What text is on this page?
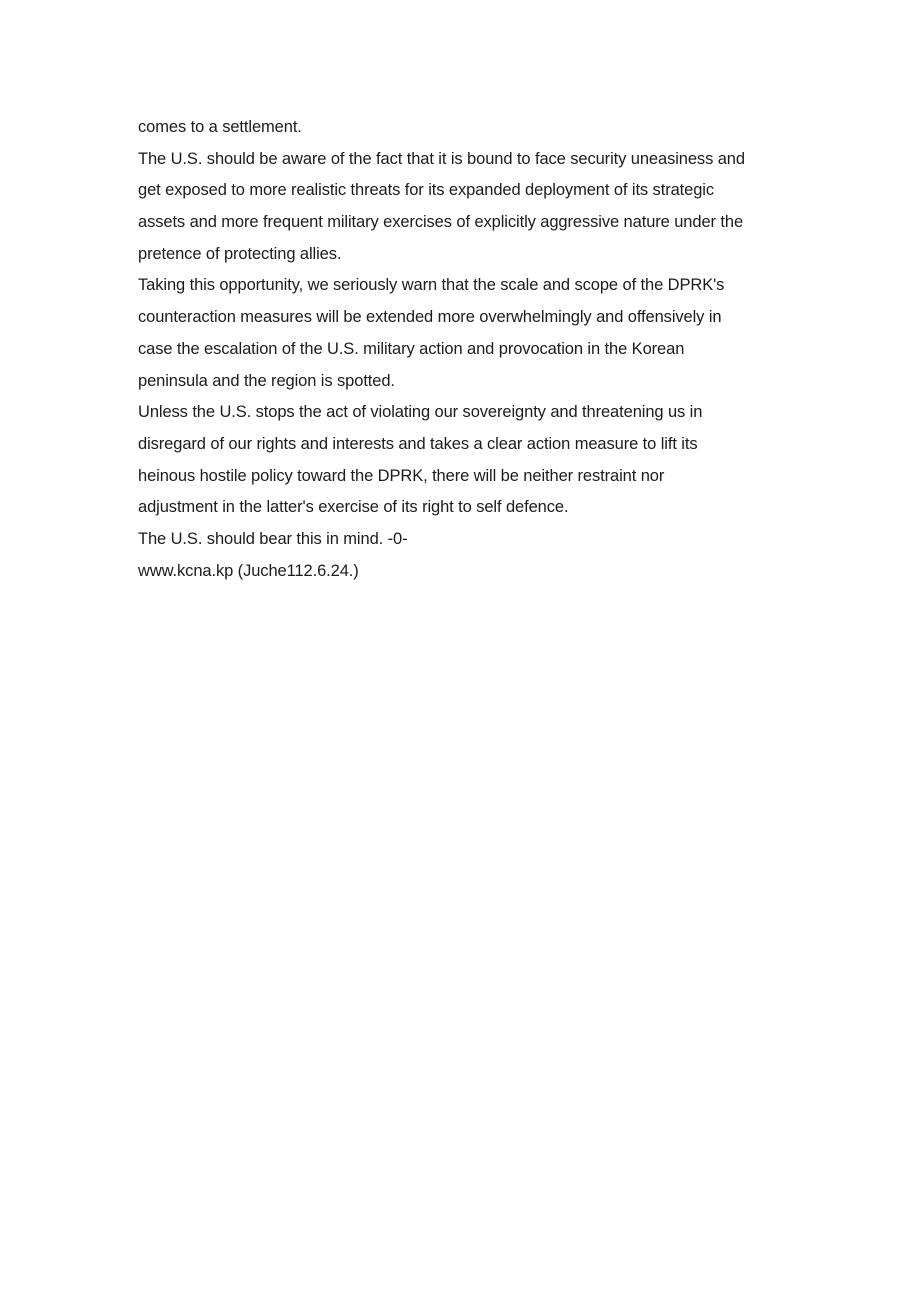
comes to a settlement.
The U.S. should be aware of the fact that it is bound to face security uneasiness and
get exposed to more realistic threats for its expanded deployment of its strategic
assets and more frequent military exercises of explicitly aggressive nature under the
pretence of protecting allies.
Taking this opportunity, we seriously warn that the scale and scope of the DPRK's
counteraction measures will be extended more overwhelmingly and offensively in
case the escalation of the U.S. military action and provocation in the Korean
peninsula and the region is spotted.
Unless the U.S. stops the act of violating our sovereignty and threatening us in
disregard of our rights and interests and takes a clear action measure to lift its
heinous hostile policy toward the DPRK, there will be neither restraint nor
adjustment in the latter's exercise of its right to self defence.
The U.S. should bear this in mind. -0-
www.kcna.kp (Juche112.6.24.)
